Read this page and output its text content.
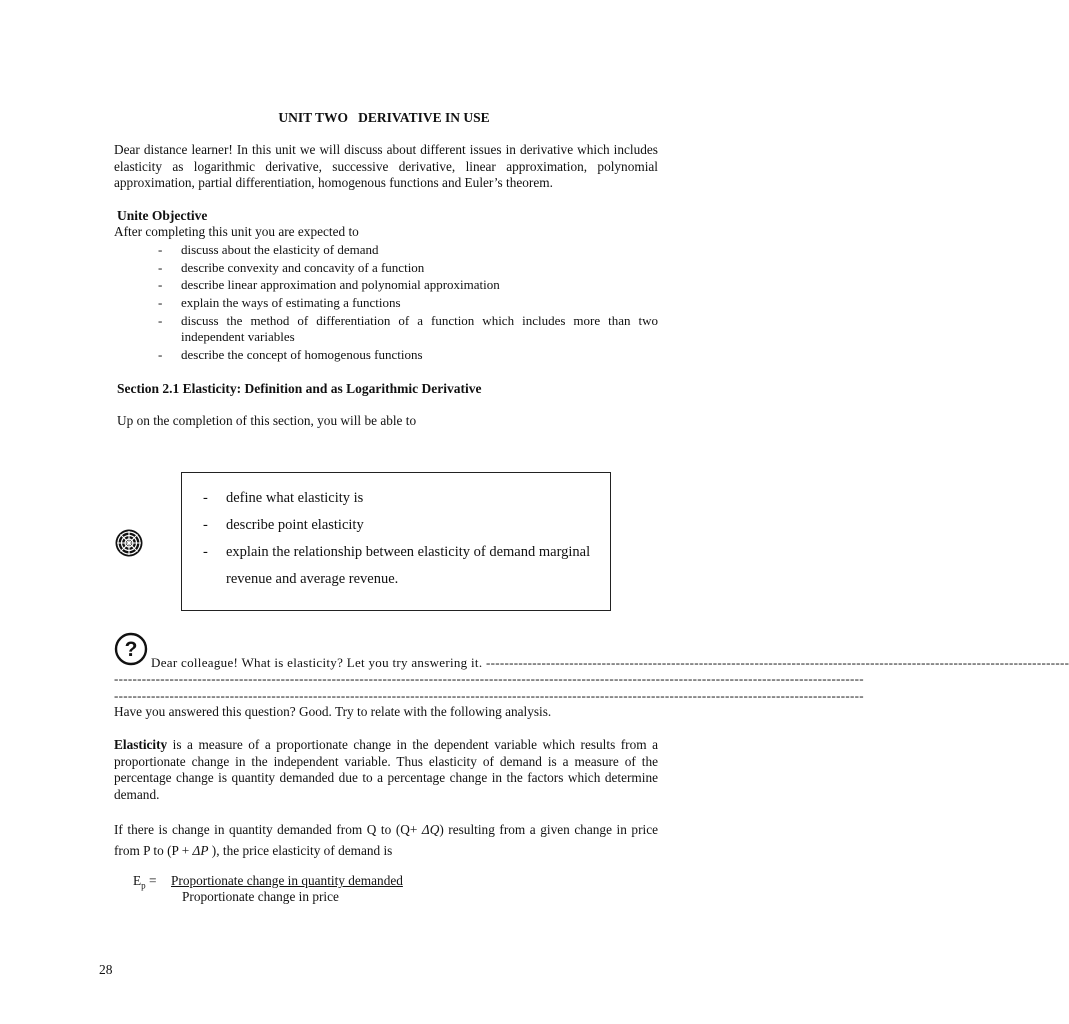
UNIT TWO   DERIVATIVE IN USE
Dear distance learner! In this unit we will discuss about different issues in derivative which includes elasticity as logarithmic derivative, successive derivative, linear approximation, polynomial approximation, partial differentiation, homogenous functions and Euler’s theorem.
Unite Objective
After completing this unit you are expected to
-	discuss about the elasticity of demand
-	describe convexity and concavity of a function
-	describe linear approximation and polynomial approximation
-	explain the ways of estimating a functions
-	discuss the method of differentiation of a function which includes more than two independent variables
-	describe the concept of homogenous functions
Section 2.1 Elasticity: Definition and as Logarithmic Derivative
Up on the completion of this section, you will be able to
-	define what elasticity is
-	describe point elasticity
-	explain the relationship between elasticity of demand marginal revenue and average revenue.
?
Dear colleague! What is elasticity? Let you try answering it. ------------------------------------------------------------------------------------------------------------------------------
------------------------------------------------------------------------------------------------------------------------------------------------------------------
------------------------------------------------------------------------------------------------------------------------------------------------------------------
Have you answered this question? Good. Try to relate with the following analysis.
Elasticity is a measure of a proportionate change in the dependent variable which results from a proportionate change in the independent variable. Thus elasticity of demand is a measure of the percentage change is quantity demanded due to a percentage change in the factors which determine demand.
If there is change in quantity demanded from Q to (Q+ ΔQ) resulting from a given change in price from P to (P + ΔP ), the price elasticity of demand is
$E_p$ = Proportionate change in quantity demanded
Proportionate change in price
28
